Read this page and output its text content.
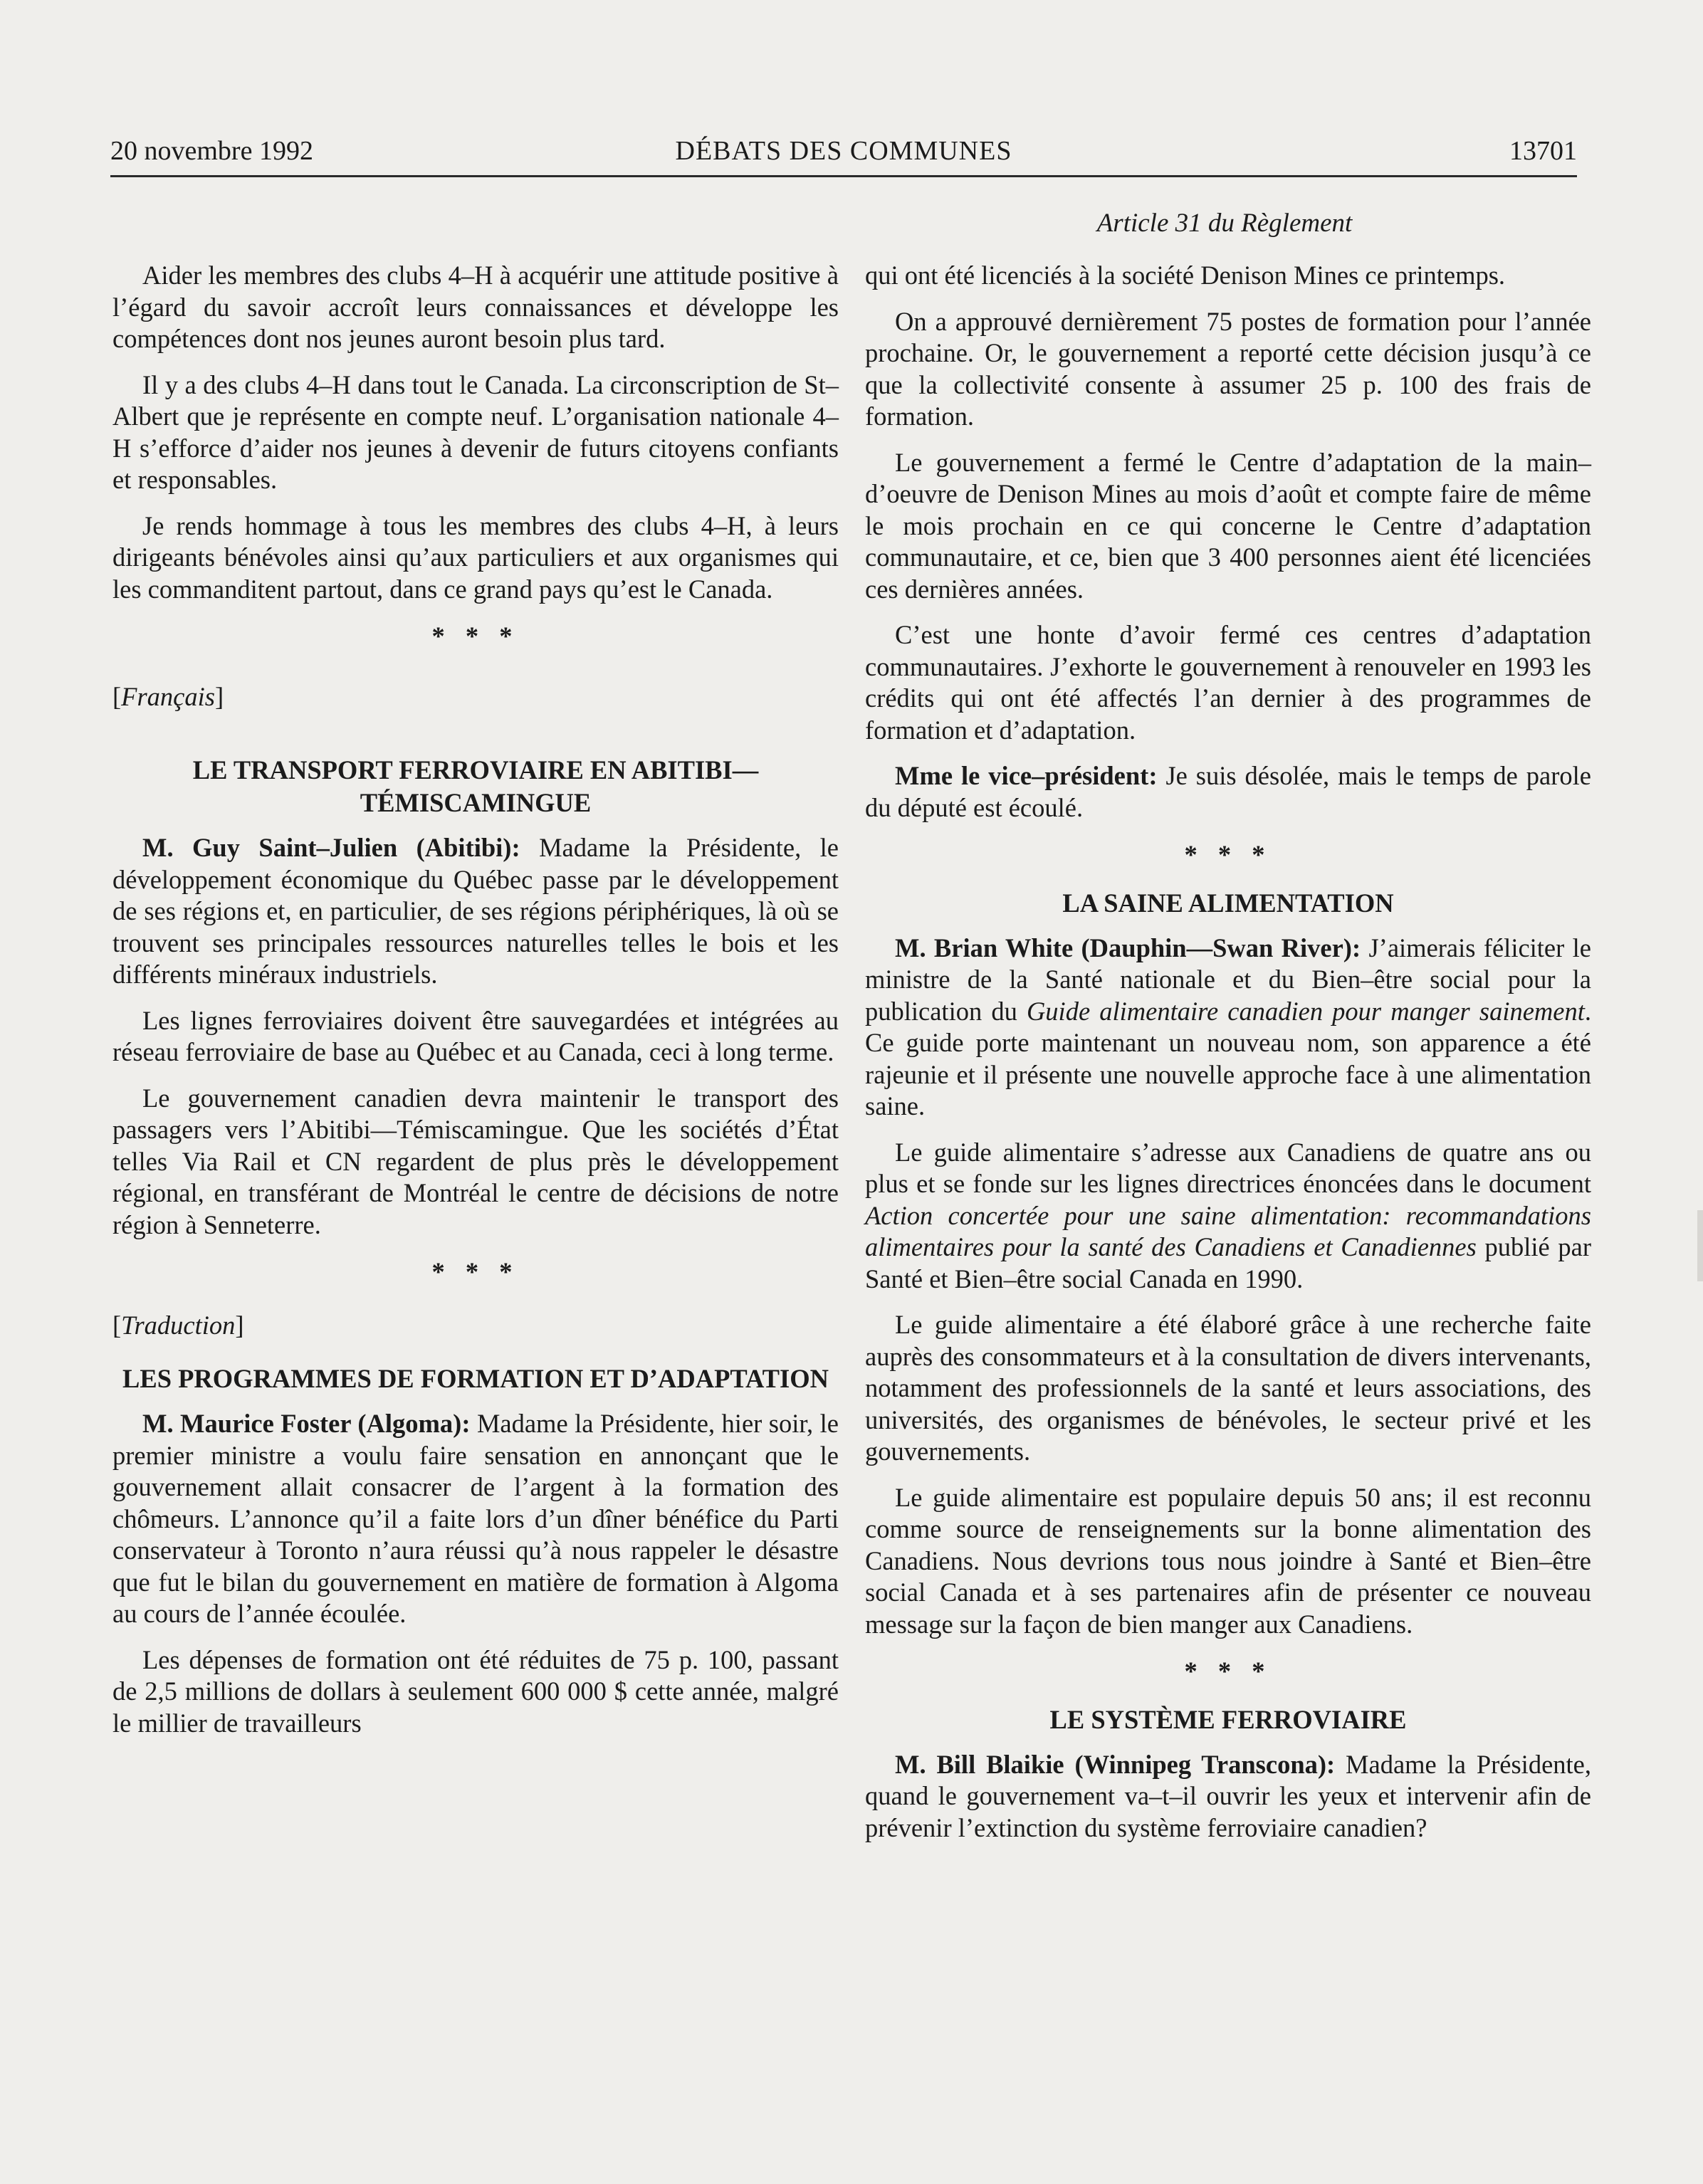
20 novembre 1992	DÉBATS DES COMMUNES	13701
Article 31 du Règlement

Aider les membres des clubs 4–H à acquérir une attitude positive à l’égard du savoir accroît leurs connaissances et développe les compétences dont nos jeunes auront besoin plus tard.

Il y a des clubs 4–H dans tout le Canada. La circonscription de St–Albert que je représente en compte neuf. L’organisation nationale 4–H s’efforce d’aider nos jeunes à devenir de futurs citoyens confiants et responsables.

Je rends hommage à tous les membres des clubs 4–H, à leurs dirigeants bénévoles ainsi qu’aux particuliers et aux organismes qui les commanditent partout, dans ce grand pays qu’est le Canada.

* * *
[Français]
LE TRANSPORT FERROVIAIRE EN ABITIBI—TÉMISCAMINGUE

M. Guy Saint–Julien (Abitibi): Madame la Présidente, le développement économique du Québec passe par le développement de ses régions et, en particulier, de ses régions périphériques, là où se trouvent ses principales ressources naturelles telles le bois et les différents minéraux industriels.

Les lignes ferroviaires doivent être sauvegardées et intégrées au réseau ferroviaire de base au Québec et au Canada, ceci à long terme.

Le gouvernement canadien devra maintenir le transport des passagers vers l’Abitibi—Témiscamingue. Que les sociétés d’État telles Via Rail et CN regardent de plus près le développement régional, en transférant de Montréal le centre de décisions de notre région à Senneterre.

* * *
[Traduction]
LES PROGRAMMES DE FORMATION ET D’ADAPTATION

M. Maurice Foster (Algoma): Madame la Présidente, hier soir, le premier ministre a voulu faire sensation en annonçant que le gouvernement allait consacrer de l’argent à la formation des chômeurs. L’annonce qu’il a faite lors d’un dîner bénéfice du Parti conservateur à Toronto n’aura réussi qu’à nous rappeler le désastre que fut le bilan du gouvernement en matière de formation à Algoma au cours de l’année écoulée.

Les dépenses de formation ont été réduites de 75 p. 100, passant de 2,5 millions de dollars à seulement 600 000 $ cette année, malgré le millier de travailleurs

qui ont été licenciés à la société Denison Mines ce printemps.

On a approuvé dernièrement 75 postes de formation pour l’année prochaine. Or, le gouvernement a reporté cette décision jusqu’à ce que la collectivité consente à assumer 25 p. 100 des frais de formation.

Le gouvernement a fermé le Centre d’adaptation de la main–d’oeuvre de Denison Mines au mois d’août et compte faire de même le mois prochain en ce qui concerne le Centre d’adaptation communautaire, et ce, bien que 3 400 personnes aient été licenciées ces dernières années.

C’est une honte d’avoir fermé ces centres d’adaptation communautaires. J’exhorte le gouvernement à renouveler en 1993 les crédits qui ont été affectés l’an dernier à des programmes de formation et d’adaptation.

Mme le vice–président: Je suis désolée, mais le temps de parole du député est écoulé.

* * *
LA SAINE ALIMENTATION

M. Brian White (Dauphin—Swan River): J’aimerais féliciter le ministre de la Santé nationale et du Bien–être social pour la publication du Guide alimentaire canadien pour manger sainement. Ce guide porte maintenant un nouveau nom, son apparence a été rajeunie et il présente une nouvelle approche face à une alimentation saine.

Le guide alimentaire s’adresse aux Canadiens de quatre ans ou plus et se fonde sur les lignes directrices énoncées dans le document Action concertée pour une saine alimentation: recommandations alimentaires pour la santé des Canadiens et Canadiennes publié par Santé et Bien–être social Canada en 1990.

Le guide alimentaire a été élaboré grâce à une recherche faite auprès des consommateurs et à la consultation de divers intervenants, notamment des professionnels de la santé et leurs associations, des universités, des organismes de bénévoles, le secteur privé et les gouvernements.

Le guide alimentaire est populaire depuis 50 ans; il est reconnu comme source de renseignements sur la bonne alimentation des Canadiens. Nous devrions tous nous joindre à Santé et Bien–être social Canada et à ses partenaires afin de présenter ce nouveau message sur la façon de bien manger aux Canadiens.

* * *
LE SYSTÈME FERROVIAIRE

M. Bill Blaikie (Winnipeg Transcona): Madame la Présidente, quand le gouvernement va–t–il ouvrir les yeux et intervenir afin de prévenir l’extinction du système ferroviaire canadien?
